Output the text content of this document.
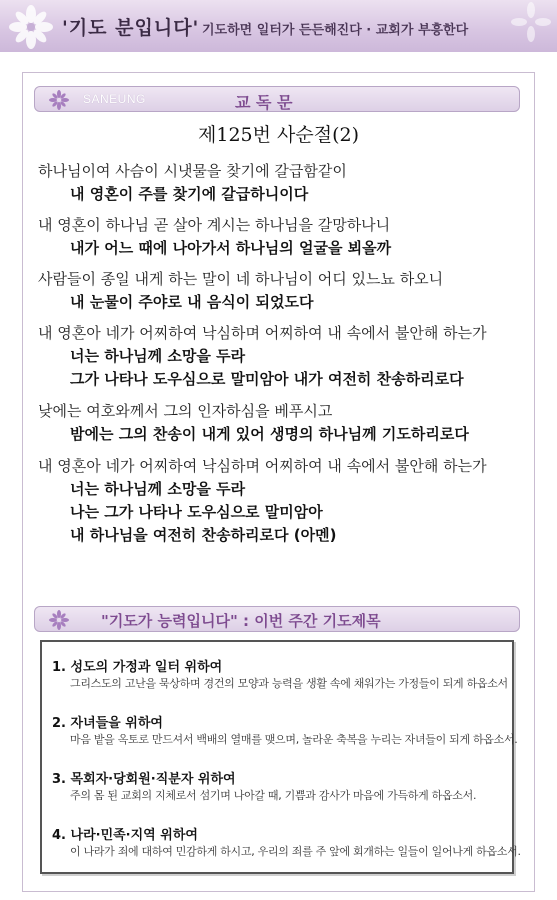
'기도 분입니다' 기도하면 일터가 든든해진다 · 교회가 부흥한다
SANEUNG	교 독 문
제125번 사순절(2)
하나님이여 사슴이 시냇물을 찾기에 갈급함같이
내 영혼이 주를 찾기에 갈급하니이다
내 영혼이 하나님 곧 살아 계시는 하나님을 갈망하나니
내가 어느 때에 나아가서 하나님의 얼굴을 뵈올까
사람들이 종일 내게 하는 말이 네 하나님이 어디 있느뇨 하오니
내 눈물이 주야로 내 음식이 되었도다
내 영혼아 네가 어찌하여 낙심하며 어찌하여 내 속에서 불안해 하는가
너는 하나님께 소망을 두라
그가 나타나 도우심으로 말미암아 내가 여전히 찬송하리로다
낮에는 여호와께서 그의 인자하심을 베푸시고
밤에는 그의 찬송이 내게 있어 생명의 하나님께 기도하리로다
내 영혼아 네가 어찌하여 낙심하며 어찌하여 내 속에서 불안해 하는가
너는 하나님께 소망을 두라
나는 그가 나타나 도우심으로 말미암아
내 하나님을 여전히 찬송하리로다 (아멘)
"기도가 능력입니다" : 이번 주간 기도제목
1. 성도의 가정과 일터 위하여
그리스도의 고난을 묵상하며 경건의 모양과 능력을 생활 속에 채워가는 가정들이 되게 하옵소서
2. 자녀들을 위하여
마음 밭을 옥토로 만드셔서 백배의 열매를 맺으며, 놀라운 축복을 누리는 자녀들이 되게 하옵소서.
3. 목회자·당회원·직분자 위하여
주의 몸 된 교회의 지체로서 섬기며 나아갈 때, 기쁨과 감사가 마음에 가득하게 하옵소서.
4. 나라·민족·지역 위하여
이 나라가 죄에 대하여 민감하게 하시고, 우리의 죄를 주 앞에 회개하는 일들이 일어나게 하옵소서.
